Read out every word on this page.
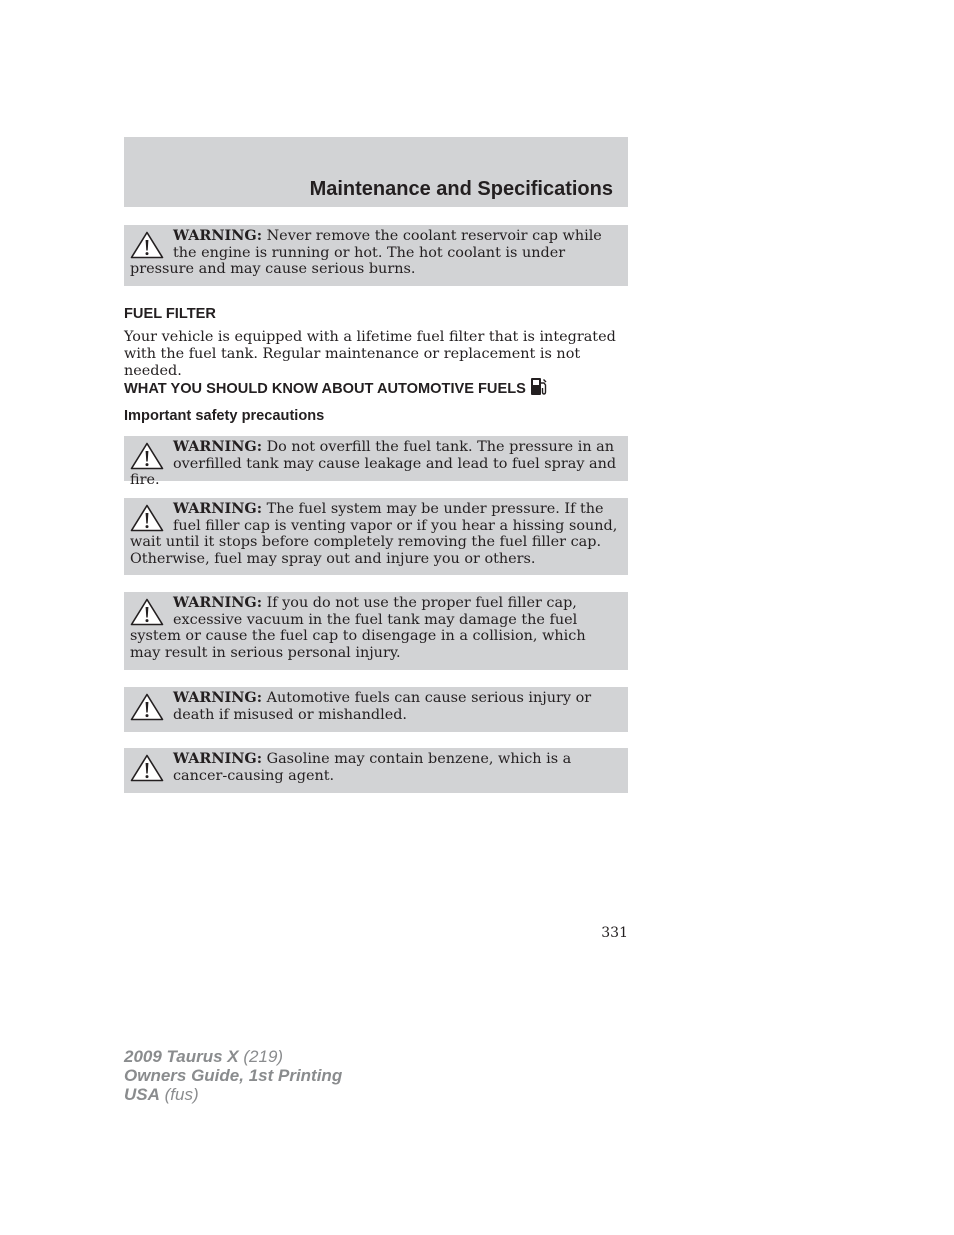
Maintenance and Specifications
WARNING: Never remove the coolant reservoir cap while the engine is running or hot. The hot coolant is under pressure and may cause serious burns.
FUEL FILTER

Your vehicle is equipped with a lifetime fuel filter that is integrated with the fuel tank. Regular maintenance or replacement is not needed.

WHAT YOU SHOULD KNOW ABOUT AUTOMOTIVE FUELS
Important safety precautions
WARNING: Do not overfill the fuel tank. The pressure in an overfilled tank may cause leakage and lead to fuel spray and fire.
WARNING: The fuel system may be under pressure. If the fuel filler cap is venting vapor or if you hear a hissing sound, wait until it stops before completely removing the fuel filler cap. Otherwise, fuel may spray out and injure you or others.
WARNING: If you do not use the proper fuel filler cap, excessive vacuum in the fuel tank may damage the fuel system or cause the fuel cap to disengage in a collision, which may result in serious personal injury.
WARNING: Automotive fuels can cause serious injury or death if misused or mishandled.
WARNING: Gasoline may contain benzene, which is a cancer-causing agent.
331
2009 Taurus X (219)
Owners Guide, 1st Printing
USA (fus)
